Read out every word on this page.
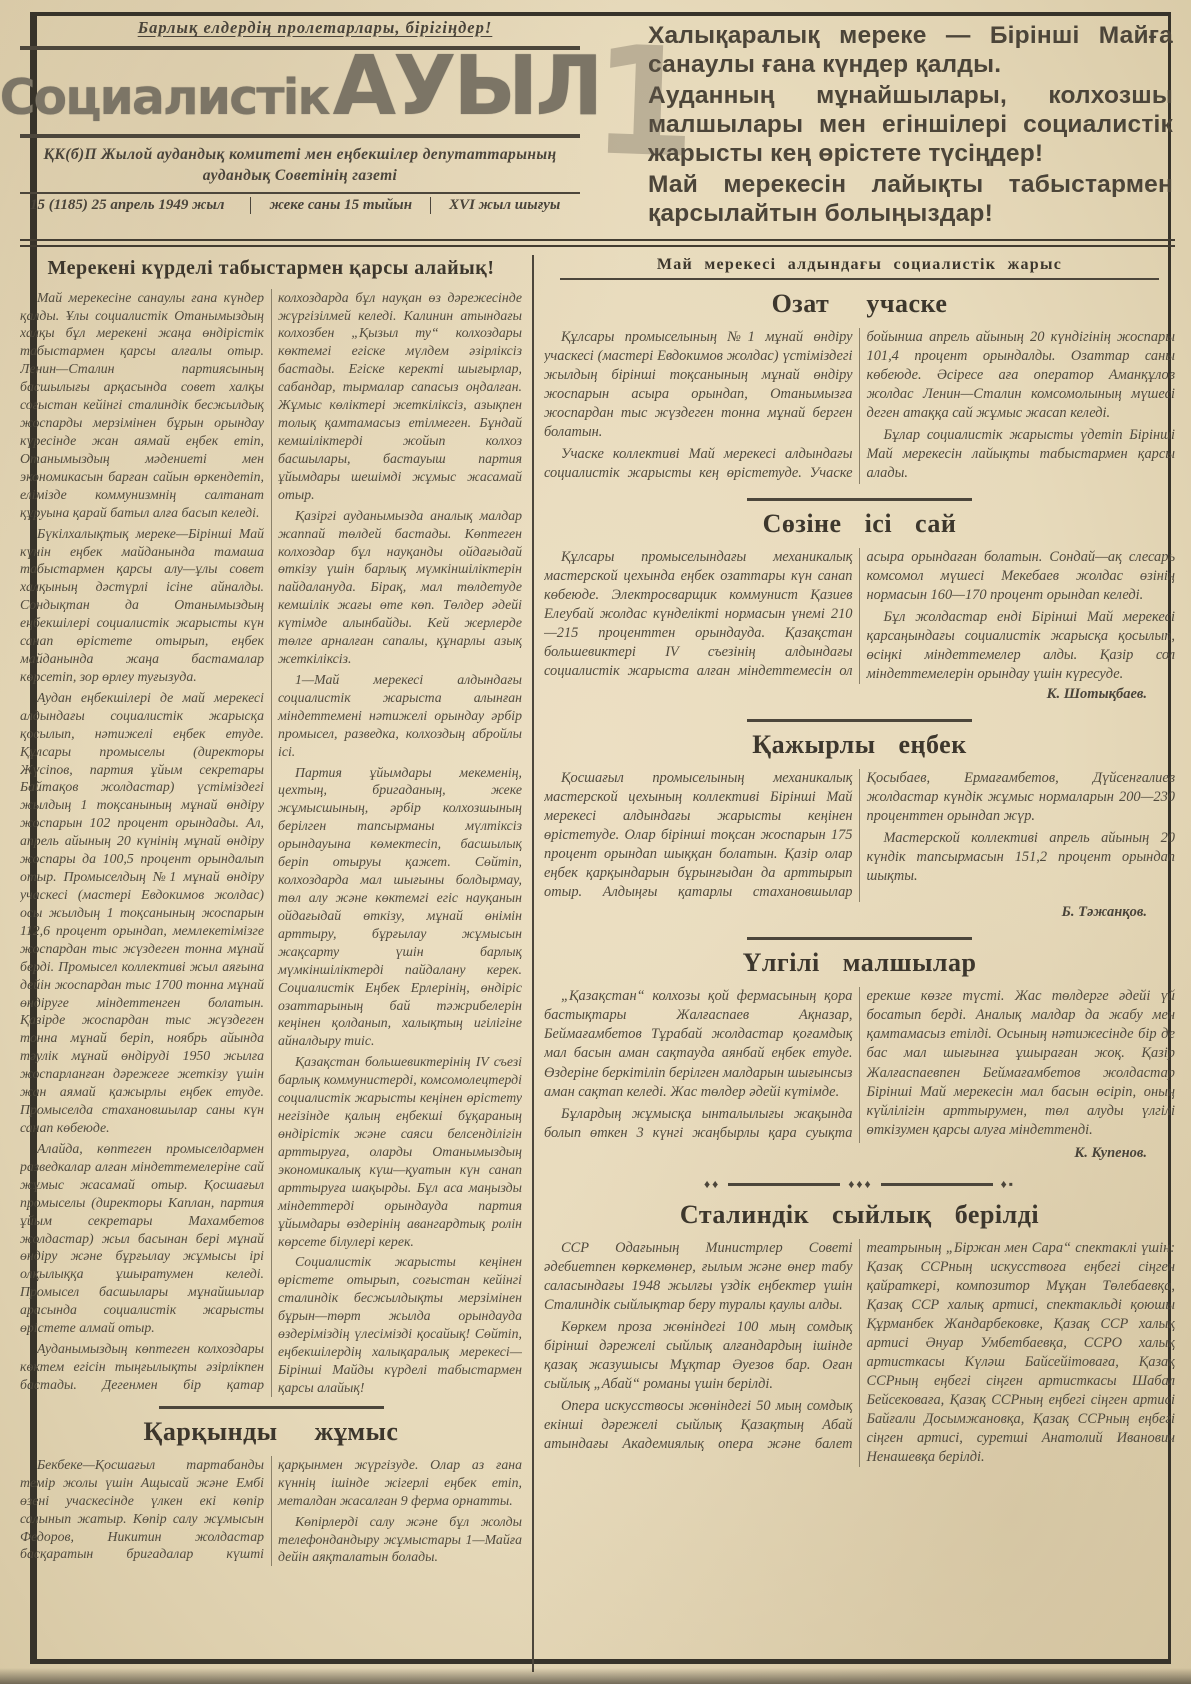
Барлық елдердің пролетарлары, бірігіңдер!
Социалистік АУЫЛ
ҚК(б)П Жылой аудандық комитеті мен еңбекшілер депутаттарының аудандық Советінің газеті
15 (1185) 25 апрель 1949 жыл	жеке саны 15 тыйын	XVI жыл шығуы
1

Халықаралық мереке — Бірінші Майға санаулы ғана күндер қалды.

Ауданның мұнайшылары, колхозшы малшылары мен егіншілері социалистік жарысты кең өрістете түсіңдер!

Май мерекесін лайықты табыстармен қарсылайтын болыңыздар!

Мерекені күрделі табыстармен қарсы алайық!

Май мерекесіне санаулы ғана күндер қалды. Ұлы социалистік Отанымыздың халқы бұл мерекені жаңа өндірістік табыстармен қарсы алғалы отыр. Ленин—Сталин партиясының басшылығы арқасында совет халқы соғыстан кейінгі сталиндік бесжылдық жоспарды мерзімінен бұрын орындау күресінде жан аямай еңбек етіп, Отанымыздың мәдениеті мен экономикасын барған сайын өркендетіп, елімізде коммунизмнің салтанат құруына қарай батыл алға басып келеді.

Бүкілхалықтық мереке—Бірінші Май күнін еңбек майданында тамаша табыстармен қарсы алу—ұлы совет халқының дәстүрлі ісіне айналды. Сондықтан да Отанымыздың еңбекшілері социалистік жарысты күн санап өрістете отырып, еңбек майданында жаңа бастамалар көрсетіп, зор өрлеу туғызуда.

Аудан еңбекшілері де май мерекесі алдындағы социалистік жарысқа қосылып, нәтижелі еңбек етуде. Құлсары промыселы (директоры Жүсіпов, партия ұйым секретары Байтақов жолдастар) үстіміздегі жылдың 1 тоқсанының мұнай өндіру жоспарын 102 процент орындады. Ал, апрель айының 20 күнінің мұнай өндіру жоспары да 100,5 процент орындалып отыр. Промыселдың №1 мұнай өндіру учаскесі (мастері Евдокимов жолдас) осы жылдың 1 тоқсанының жоспарын 112,6 процент орындап, мемлекетімізге жоспардан тыс жүздеген тонна мұнай берді. Промысел коллективі жыл аяғына дейін жоспардан тыс 1700 тонна мұнай өндіруге міндеттенген болатын. Қазірде жоспардан тыс жүздеген тонна мұнай беріп, ноябрь айында тәулік мұнай өндіруді 1950 жылға жоспарланған дәрежеге жеткізу үшін жан аямай қажырлы еңбек етуде. Промыселда стахановшылар саны күн санап көбеюде.

Алайда, көптеген промыселдармен разведкалар алған міндеттемелеріне сай жұмыс жасамай отыр. Қосшағыл промыселы (директоры Каплан, партия ұйым секретары Махамбетов жолдастар) жыл басынан бері мұнай өндіру және бұрғылау жұмысы ірі олқылыққа ұшыратумен келеді. Промысел басшылары мұнайшылар арасында социалистік жарысты өрістете алмай отыр.

Ауданымыздың көптеген колхоздары көктем егісін тыңғылықты әзірлікпен бастады. Дегенмен бір қатар колхоздарда бұл науқан өз дәрежесінде жүргізілмей келеді. Калинин атындағы колхозбен „Қызыл ту“ колхоздары көктемгі егіске мүлдем әзірліксіз бастады. Егіске керекті шығырлар, сабандар, тырмалар сапасыз оңдалған. Жұмыс көліктері жеткіліксіз, азықпен толық қамтамасыз етілмеген. Бұндай кемшіліктерді жойып колхоз басшылары, бастауыш партия ұйымдары шешімді жұмыс жасамай отыр.

Қазіргі ауданымызда аналық малдар жаппай төлдей бастады. Көптеген колхоздар бұл науқанды ойдағыдай өткізу үшін барлық мүмкіншіліктерін пайдалануда. Бірақ, мал төлдетуде кемшілік жағы өте көп. Төлдер әдейі күтімде алынбайды. Кей жерлерде төлге арналған сапалы, құнарлы азық жеткіліксіз.

1—Май мерекесі алдындағы социалистік жарыста алынған міндеттемені нәтижелі орындау әрбір промысел, разведка, колхоздың абройлы ісі.

Партия ұйымдары мекеменің, цехтың, бригаданың, жеке жұмысшының, әрбір колхозшының берілген тапсырманы мүлтіксіз орындауына көмектесіп, басшылық беріп отыруы қажет. Сөйтіп, колхоздарда мал шығыны болдырмау, төл алу және көктемгі егіс науқанын ойдағыдай өткізу, мұнай өнімін арттыру, бұрғылау жұмысын жақсарту үшін барлық мүмкіншіліктерді пайдалану керек. Социалистік Еңбек Ерлерінің, өндіріс озаттарының бай тәжрибелерін кеңінен қолданып, халықтың игілігіне айналдыру тиіс.

Қазақстан большевиктерінің IV съезі барлық коммунистерді, комсомолецтерді социалистік жарысты кеңінен өрістету негізінде қалың еңбекші бұқараның өндірістік және саяси белсенділігін арттыруға, оларды Отанымыздың экономикалық күш—қуатын күн санап арттыруға шақырды. Бұл аса маңызды міндеттерді орындауда партия ұйымдары өздерінің авангардтық ролін көрсете білулері керек.

Социалистік жарысты кеңінен өрістете отырып, соғыстан кейінгі сталиндік бесжылдықты мерзімінен бұрын—төрт жылда орындауда өздеріміздің үлесімізді қосайық! Сөйтіп, еңбекшілердің халықаралық мерекесі—Бірінші Майды күрделі табыстармен қарсы алайық!

Қарқынды жұмыс

Бекбеке—Қосшағыл тартабанды темір жолы үшін Ащысай және Ембі өзені учаскесінде үлкен екі көпір салынып жатыр. Көпір салу жұмысын Федоров, Никитин жолдастар басқаратын бригадалар күшті қарқынмен жүргізуде. Олар аз ғана күннің ішінде жігерлі еңбек етіп, металдан жасалған 9 ферма орнатты.

Көпірлерді салу және бұл жолды телефондандыру жұмыстары 1—Майға дейін аяқталатын болады.

Май мерекесі алдындағы социалистік жарыс
Озат учаске

Құлсары промыселының №1 мұнай өндіру учаскесі (мастері Евдокимов жолдас) үстіміздегі жылдың бірінші тоқсанының мұнай өндіру жоспарын асыра орындап, Отанымызға жоспардан тыс жүздеген тонна мұнай берген болатын.

Учаске коллективі Май мерекесі алдындағы социалистік жарысты кең өрістетуде. Учаске бойынша апрель айының 20 күндігінің жоспары 101,4 процент орындалды. Озаттар саны көбеюде. Әсіресе аға оператор Аманқұлов жолдас Ленин—Сталин комсомолының мүшесі деген атаққа сай жұмыс жасап келеді.

Бұлар социалистік жарысты үдетіп Бірінші Май мерекесін лайықты табыстармен қарсы алады.

Сөзіне ісі сай

Құлсары промыселындағы механикалық мастерской цехында еңбек озаттары күн санап көбеюде. Электросварщик коммунист Қазиев Елеубай жолдас күнделікті нормасын үнемі 210—215 проценттен орындауда. Қазақстан большевиктері IV съезінің алдындағы социалистік жарыста алған міндеттемесін ол асыра орындаған болатын. Сондай—ақ слесарь комсомол мүшесі Мекебаев жолдас өзінің нормасын 160—170 процент орындап келеді.

Бұл жолдастар енді Бірінші Май мерекесі қарсаңындағы социалистік жарысқа қосылып, өсіңкі міндеттемелер алды. Қазір сол міндеттемелерін орындау үшін күресуде.

К. Шотықбаев.
Қажырлы еңбек

Қосшағыл промыселының механикалық мастерской цехының коллективі Бірінші Май мерекесі алдындағы жарысты кеңінен өрістетуде. Олар бірінші тоқсан жоспарын 175 процент орындап шыққан болатын. Қазір олар еңбек қарқындарын бұрынғыдан да арттырып отыр. Алдыңғы қатарлы стахановшылар Қосыбаев, Ермағамбетов, Дүйсенғалиев жолдастар күндік жұмыс нормаларын 200—230 проценттен орындап жүр.

Мастерской коллективі апрель айының 20 күндік тапсырмасын 151,2 процент орындап шықты.

Б. Тәжанқов.
Үлгілі малшылар

„Қазақстан“ колхозы қой фермасының қора бастықтары Жалғаспаев Ақназар, Беймағамбетов Тұрабай жолдастар қоғамдық мал басын аман сақтауда аянбай еңбек етуде. Өздеріне беркітіліп берілген малдарын шығынсыз аман сақтап келеді. Жас төлдер әдейі күтімде.

Бұлардың жұмысқа ынталылығы жақында болып өткен 3 күнгі жаңбырлы қара суықта ерекше көзге түсті. Жас төлдерге әдейі үй босатып берді. Аналық малдар да жабу мен қамтамасыз етілді. Осының нәтижесінде бір де бас мал шығынға ұшыраған жоқ. Қазір Жалғаспаевпен Беймағамбетов жолдастар Бірінші Май мерекесін мал басын өсіріп, оның күйлілігін арттырумен, төл алуды үлгілі өткізумен қарсы алуға міндеттенді.

К. Купенов.
♦♦	♦♦♦	♦▪
Сталиндік сыйлық берілді

ССР Одағының Министрлер Советі әдебиетпен көркемөнер, ғылым және өнер табу саласындағы 1948 жылғы үздік еңбектер үшін Сталиндік сыйлықтар беру туралы қаулы алды.

Көркем проза жөніндегі 100 мың сомдық бірінші дәрежелі сыйлық алғандардың ішінде қазақ жазушысы Мұқтар Әуезов бар. Оған сыйлық „Абай“ романы үшін берілді.

Опера искусствосы жөніндегі 50 мың сомдық екінші дәрежелі сыйлық Қазақтың Абай атындағы Академиялық опера және балет театрының „Біржан мен Сара“ спектаклі үшін: Қазақ ССРның искусствоға еңбегі сіңген қайраткері, композитор Мұқан Төлебаевқа, Қазақ ССР халық артисі, спектакльді қоюшы Құрманбек Жандарбековке, Қазақ ССР халық артисі Әнуар Умбетбаевқа, ССРО халық артисткасы Күләш Байсейітоваға, Қазақ ССРның еңбегі сіңген артисткасы Шабал Бейсековаға, Қазақ ССРның еңбегі сіңген артисі Байғали Досымжановқа, Қазақ ССРның еңбегі сіңген артисі, суретші Анатолий Иванович Ненашевқа берілді.
